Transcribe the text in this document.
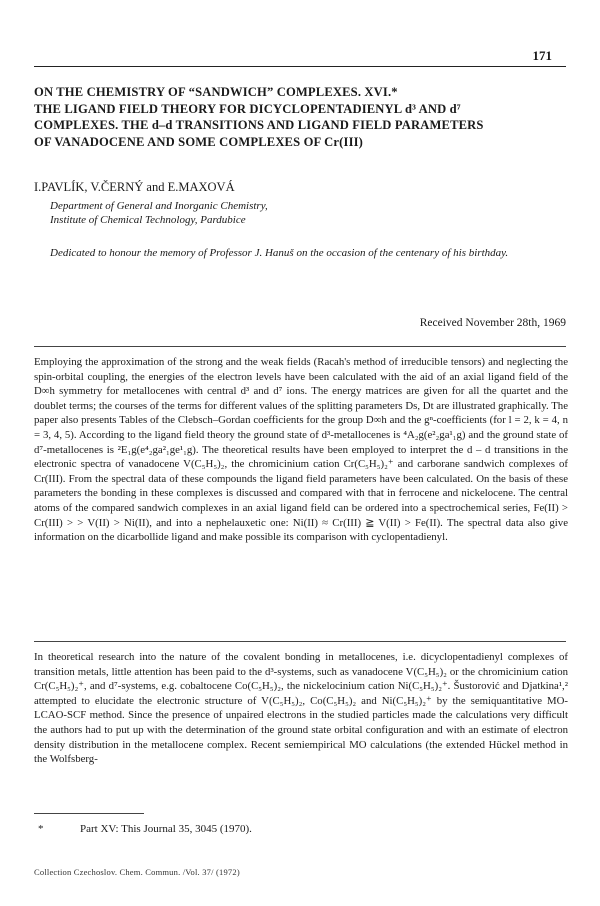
171
ON THE CHEMISTRY OF “SANDWICH” COMPLEXES. XVI.*
THE LIGAND FIELD THEORY FOR DICYCLOPENTADIENYL d³ AND d⁷
COMPLEXES. THE d–d TRANSITIONS AND LIGAND FIELD PARAMETERS
OF VANADOCENE AND SOME COMPLEXES OF Cr(III)
I.PAVLÍK, V.ČERNÝ and E.MAXOVÁ
Department of General and Inorganic Chemistry,
Institute of Chemical Technology, Pardubice
Dedicated to honour the memory of Professor J. Hanuš on the occasion of the centenary of his birthday.
Received November 28th, 1969

Employing the approximation of the strong and the weak fields (Racah's method of irreducible tensors) and neglecting the spin-orbital coupling, the energies of the electron levels have been calculated with the aid of an axial ligand field of the D∞h symmetry for metallocenes with central d³ and d⁷ ions. The energy matrices are given for all the quartet and the doublet terms; the courses of the terms for different values of the splitting parameters Ds, Dt are illustrated graphically. The paper also presents Tables of the Clebsch–Gordan coefficients for the group D∞h and the gⁿ-coefficients (for l = 2, k = 4, n = 3, 4, 5). According to the ligand field theory the ground state of d³-metallocenes is ⁴A₂g(e²₂ga¹₁g) and the ground state of d⁷-metallocenes is ²E₁g(e⁴₂ga²₁ge¹₁g). The theoretical results have been employed to interpret the d – d transitions in the electronic spectra of vanadocene V(C₅H₅)₂, the chromicinium cation Cr(C₅H₅)₂⁺ and carborane sandwich complexes of Cr(III). From the spectral data of these compounds the ligand field parameters have been calculated. On the basis of these parameters the bonding in these complexes is discussed and compared with that in ferrocene and nickelocene. The central atoms of the compared sandwich complexes in an axial ligand field can be ordered into a spectrochemical series, Fe(II) > Cr(III) > > V(II) > Ni(II), and into a nephelauxetic one: Ni(II) ≈ Cr(III) ≧ V(II) > Fe(II). The spectral data also give information on the dicarbollide ligand and make possible its comparison with cyclopentadienyl.

In theoretical research into the nature of the covalent bonding in metallocenes, i.e. dicyclopentadienyl complexes of transition metals, little attention has been paid to the d³-systems, such as vanadocene V(C₅H₅)₂ or the chromicinium cation Cr(C₅H₅)₂⁺, and d⁷-systems, e.g. cobaltocene Co(C₅H₅)₂, the nickelocinium cation Ni(C₅H₅)₂⁺. Šustorović and Djatkina¹,² attempted to elucidate the electronic structure of V(C₅H₅)₂, Co(C₅H₅)₂ and Ni(C₅H₅)₂⁺ by the semiquantitative MO-LCAO-SCF method. Since the presence of unpaired electrons in the studied particles made the calculations very difficult the authors had to put up with the determination of the ground state orbital configuration and with an estimate of electron density distribution in the metallocene complex. Recent semiempirical MO calculations (the extended Hückel method in the Wolfsberg-

*	Part XV: This Journal 35, 3045 (1970).
Collection Czechoslov. Chem. Commun. /Vol. 37/ (1972)
